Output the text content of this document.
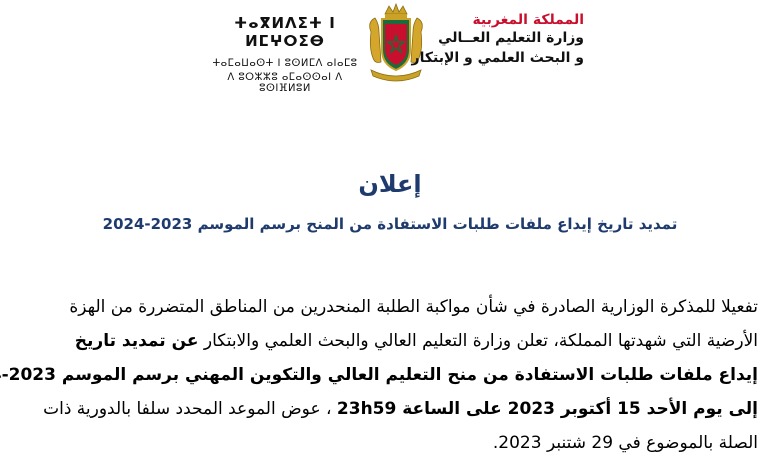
ⵜⴰⴳⵍⴷⵉⵜ ⵏ ⵍⵎⵖⵔⵉⴱ
ⵜⴰⵎⴰⵡⴰⵙⵜ ⵏ ⵓⵙⵍⵎⴷ ⴰⵏⴰⵎⵓ
ⴷ ⵓⵔⵣⵣⵓ ⴰⵎⴰⵙⵙⴰⵏ ⴷ ⵓⵙⵏⴼⵍⵓⵍ
المملكة المغربية
وزارة التعليم العــالي
و البحث العلمي و الإبتكار
إعلان
تمديد تاريخ إيداع ملفات طلبات الاستفادة من المنح برسم الموسم 2023-2024
تفعيلا للمذكرة الوزارية الصادرة في شأن مواكبة الطلبة المنحدرين من المناطق المتضررة من الهزة
الأرضية التي شهدتها المملكة، تعلن وزارة التعليم العالي والبحث العلمي والابتكار عن تمديد تاريخ
إيداع ملفات طلبات الاستفادة من منح التعليم العالي والتكوين المهني برسم الموسم 2023-
إلى يوم الأحد 15 أكتوبر 2023 على الساعة 23h59 ، عوض الموعد المحدد سلفا بالدورية ذات
الصلة بالموضوع في 29 شتنبر 2023.
